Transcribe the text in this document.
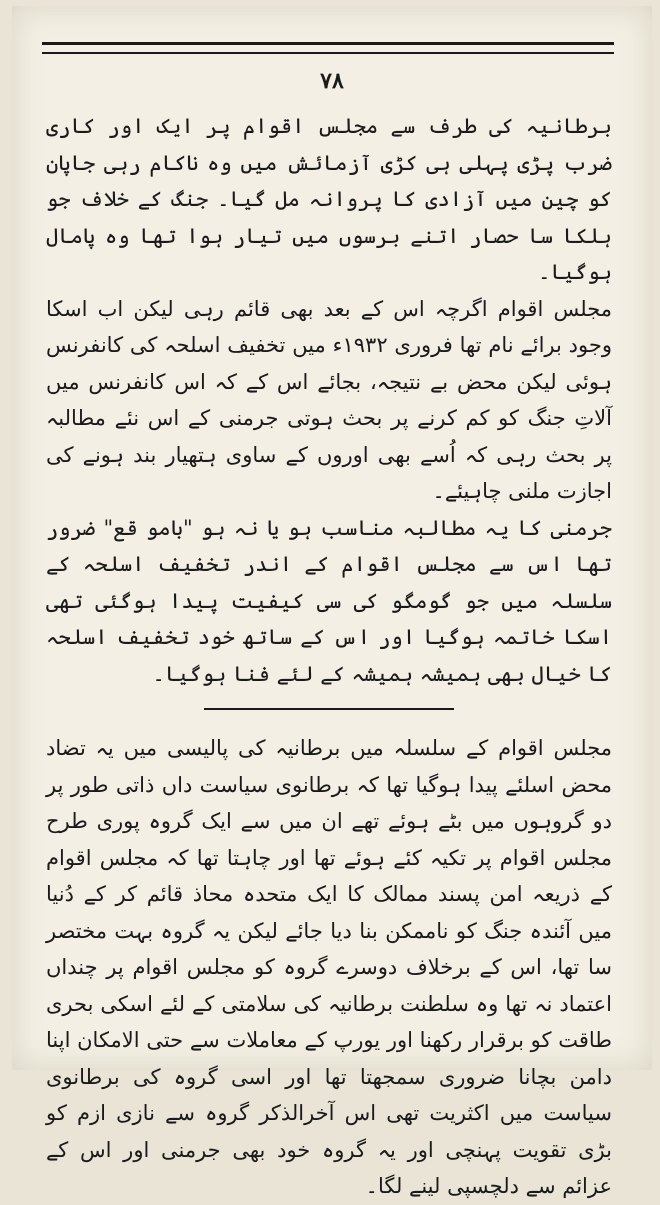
۷۸

برطانیہ کی طرف سے مجلس اقوام پر ایک اور کاری ضرب پڑی پہلی ہی کڑی آزمائش میں وہ ناکام رہی جاپان کو چین میں آزادی کا پروانہ مل گیا۔ جنگ کے خلاف جو ہلکا سا حصار اتنے برسوں میں تیار ہوا تھا وہ پامال ہوگیا۔

مجلس اقوام اگرچہ اس کے بعد بھی قائم رہی لیکن اب اسکا وجود برائے نام تھا فروری ۱۹۳۲ء میں تخفیف اسلحہ کی کانفرنس ہوئی لیکن محض بے نتیجہ، بجائے اس کے کہ اس کانفرنس میں آلاتِ جنگ کو کم کرنے پر بحث ہوتی جرمنی کے اس نئے مطالبہ پر بحث رہی کہ اُسے بھی اوروں کے ساوی ہتھیار بند ہونے کی اجازت ملنی چاہیئے۔

جرمنی کا یہ مطالبہ مناسب ہو یا نہ ہو "بامو قع" ضرور تھا اس سے مجلس اقوام کے اندر تخفیف اسلحہ کے سلسلہ میں جو گومگو کی سی کیفیت پیدا ہوگئی تھی اسکا خاتمہ ہوگیا اور اس کے ساتھ خود تخفیف اسلحہ کا خیال بھی ہمیشہ ہمیشہ کے لئے فنا ہوگیا۔

مجلس اقوام کے سلسلہ میں برطانیہ کی پالیسی میں یہ تضاد محض اسلئے پیدا ہوگیا تھا کہ برطانوی سیاست داں ذاتی طور پر دو گروہوں میں بٹے ہوئے تھے ان میں سے ایک گروہ پوری طرح مجلس اقوام پر تکیہ کئے ہوئے تھا اور چاہتا تھا کہ مجلس اقوام کے ذریعہ امن پسند ممالک کا ایک متحدہ محاذ قائم کر کے دُنیا میں آئندہ جنگ کو ناممکن بنا دیا جائے لیکن یہ گروہ بہت مختصر سا تھا، اس کے برخلاف دوسرے گروہ کو مجلس اقوام پر چنداں اعتماد نہ تھا وہ سلطنت برطانیہ کی سلامتی کے لئے اسکی بحری طاقت کو برقرار رکھنا اور یورپ کے معاملات سے حتی الامکان اپنا دامن بچانا ضروری سمجھتا تھا اور اسی گروہ کی برطانوی سیاست میں اکثریت تھی اس آخرالذکر گروہ سے نازی ازم کو بڑی تقویت پہنچی اور یہ گروہ خود بھی جرمنی اور اس کے عزائم سے دلچسپی لینے لگا۔
